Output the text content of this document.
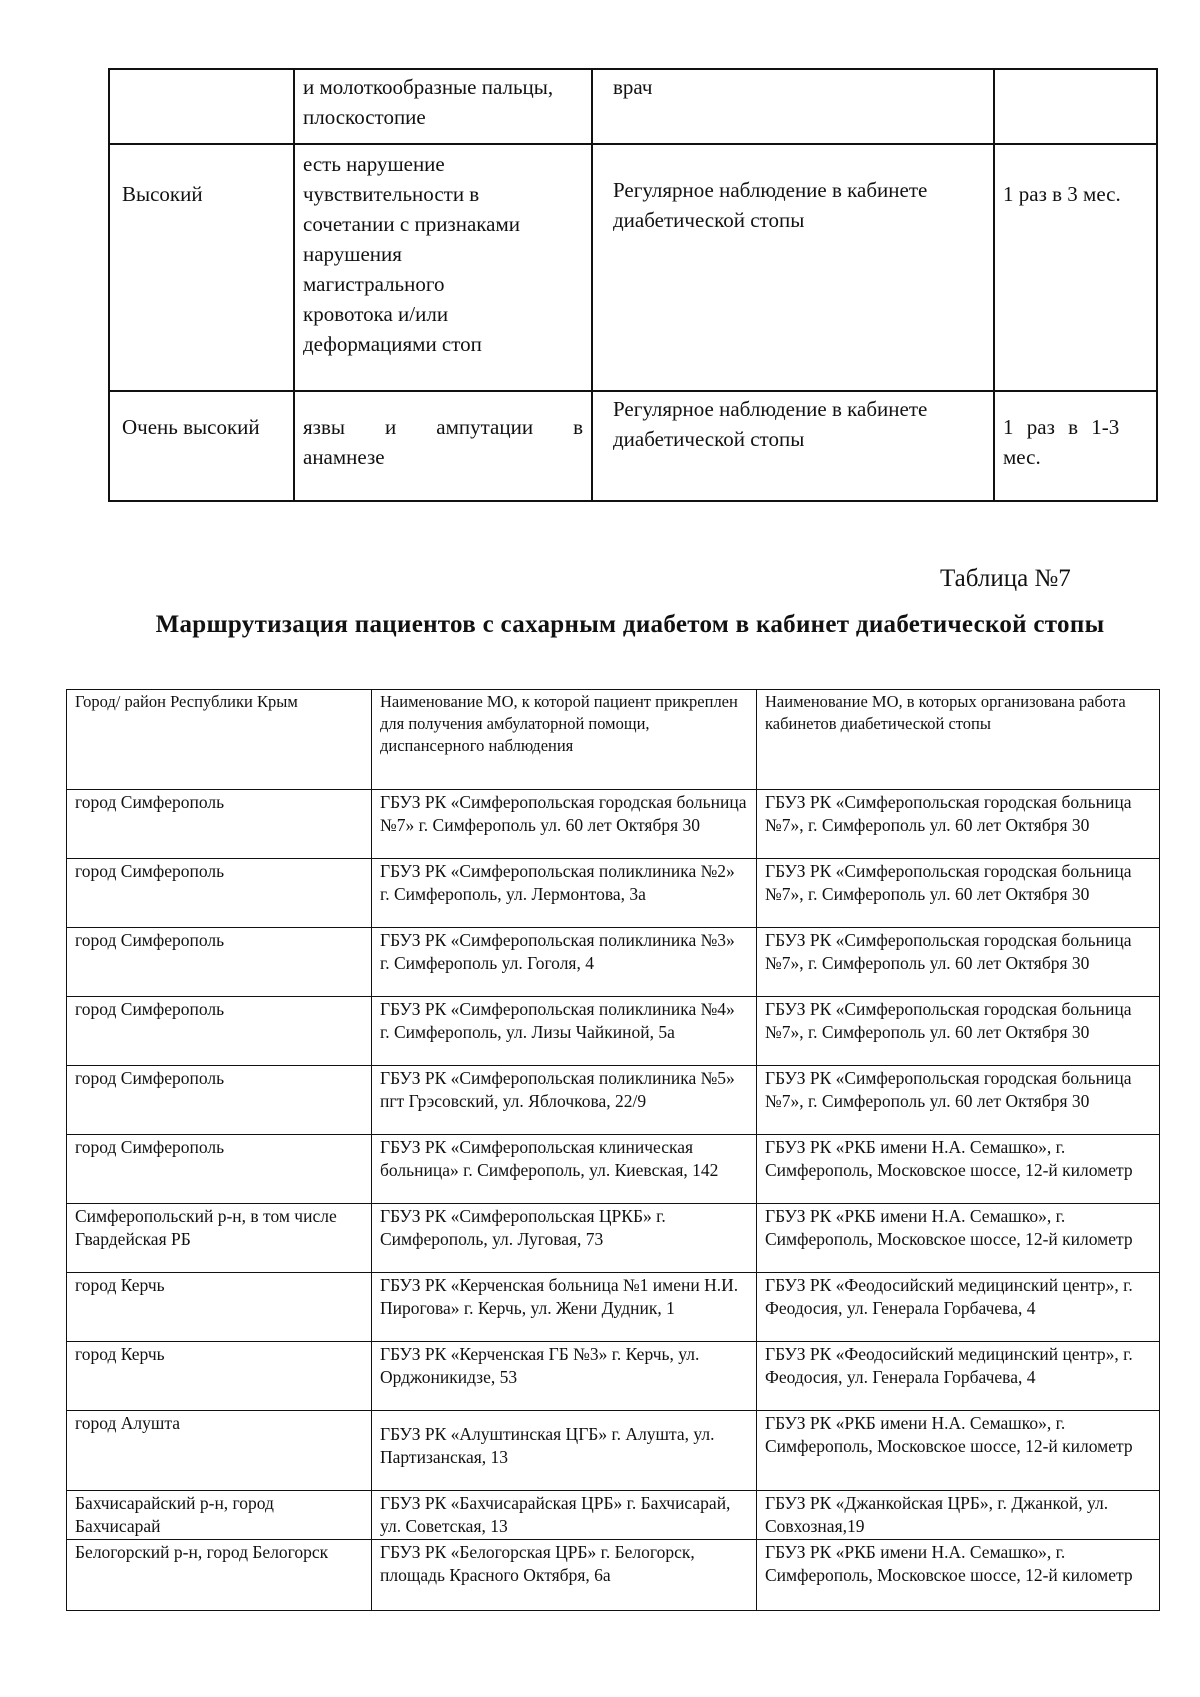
	и молоткообразные пальцы, плоскостопие	врач	
Высокий	есть нарушение чувствительности в сочетании с признаками нарушения магистрального кровотока и/или деформациями стоп	Регулярное наблюдение в кабинете диабетической стопы	1 раз в 3 мес.
Очень высокий	язвы и ампутации в анамнезе	Регулярное наблюдение в кабинете диабетической стопы	1 раз в 1-3 мес.
Таблица №7
Маршрутизация пациентов с сахарным диабетом в кабинет диабетической стопы
Город/ район Республики Крым	Наименование МО, к которой пациент прикреплен для получения амбулаторной помощи, диспансерного наблюдения	Наименование МО, в которых организована работа кабинетов диабетической стопы
город Симферополь	ГБУЗ РК «Симферопольская городская больница №7» г. Симферополь ул. 60 лет Октября 30	ГБУЗ РК «Симферопольская городская больница №7», г. Симферополь ул. 60 лет Октября 30
город Симферополь	ГБУЗ РК «Симферопольская поликлиника №2» г. Симферополь, ул. Лермонтова, 3а	ГБУЗ РК «Симферопольская городская больница №7», г. Симферополь ул. 60 лет Октября 30
город Симферополь	ГБУЗ РК «Симферопольская поликлиника №3» г. Симферополь ул. Гоголя, 4	ГБУЗ РК «Симферопольская городская больница №7», г. Симферополь ул. 60 лет Октября 30
город Симферополь	ГБУЗ РК «Симферопольская поликлиника №4» г. Симферополь, ул. Лизы Чайкиной, 5а	ГБУЗ РК «Симферопольская городская больница №7», г. Симферополь ул. 60 лет Октября 30
город Симферополь	ГБУЗ РК «Симферопольская поликлиника №5» пгт Грэсовский, ул. Яблочкова, 22/9	ГБУЗ РК «Симферопольская городская больница №7», г. Симферополь ул. 60 лет Октября 30
город Симферополь	ГБУЗ РК «Симферопольская клиническая больница» г. Симферополь, ул. Киевская, 142	ГБУЗ РК «РКБ имени Н.А. Семашко», г. Симферополь, Московское шоссе, 12-й километр
Симферопольский р-н, в том числе Гвардейская РБ	ГБУЗ РК «Симферопольская ЦРКБ» г. Симферополь, ул. Луговая, 73	ГБУЗ РК «РКБ имени Н.А. Семашко», г. Симферополь, Московское шоссе, 12-й километр
город Керчь	ГБУЗ РК «Керченская больница №1 имени Н.И. Пирогова» г. Керчь, ул. Жени Дудник, 1	ГБУЗ РК «Феодосийский медицинский центр», г. Феодосия, ул. Генерала Горбачева, 4
город Керчь	ГБУЗ РК «Керченская ГБ №3» г. Керчь, ул. Орджоникидзе, 53	ГБУЗ РК «Феодосийский медицинский центр», г. Феодосия, ул. Генерала Горбачева, 4
город Алушта	ГБУЗ РК «Алуштинская ЦГБ» г. Алушта, ул. Партизанская, 13	ГБУЗ РК «РКБ имени Н.А. Семашко», г. Симферополь, Московское шоссе, 12-й километр
Бахчисарайский р-н, город Бахчисарай	ГБУЗ РК «Бахчисарайская ЦРБ» г. Бахчисарай, ул. Советская, 13	ГБУЗ РК «Джанкойская ЦРБ», г. Джанкой, ул. Совхозная,19
Белогорский р-н, город Белогорск	ГБУЗ РК «Белогорская ЦРБ» г. Белогорск, площадь Красного Октября, 6а	ГБУЗ РК «РКБ имени Н.А. Семашко», г. Симферополь, Московское шоссе, 12-й километр
